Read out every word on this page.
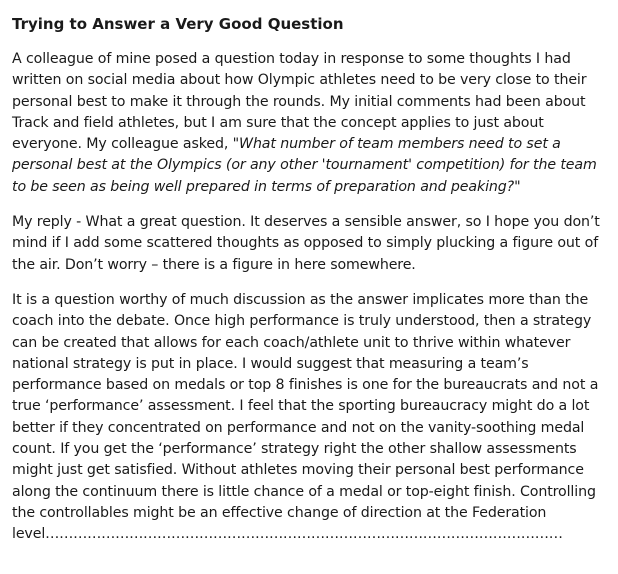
Trying to Answer a Very Good Question

A colleague of mine posed a question today in response to some thoughts I had written on social media about how Olympic athletes need to be very close to their personal best to make it through the rounds. My initial comments had been about Track and field athletes, but I am sure that the concept applies to just about everyone. My colleague asked, "What number of team members need to set a personal best at the Olympics (or any other 'tournament' competition) for the team to be seen as being well prepared in terms of preparation and peaking?"

My reply - What a great question. It deserves a sensible answer, so I hope you don’t mind if I add some scattered thoughts as opposed to simply plucking a figure out of the air. Don’t worry – there is a figure in here somewhere.

It is a question worthy of much discussion as the answer implicates more than the coach into the debate. Once high performance is truly understood, then a strategy can be created that allows for each coach/athlete unit to thrive within whatever national strategy is put in place. I would suggest that measuring a team’s performance based on medals or top 8 finishes is one for the bureaucrats and not a true ‘performance’ assessment. I feel that the sporting bureaucracy might do a lot better if they concentrated on performance and not on the vanity-soothing medal count. If you get the ‘performance’ strategy right the other shallow assessments might just get satisfied. Without athletes moving their personal best performance along the continuum there is little chance of a medal or top-eight finish. Controlling the controllables might be an effective change of direction at the Federation level…………………………………………………………………………………………………
